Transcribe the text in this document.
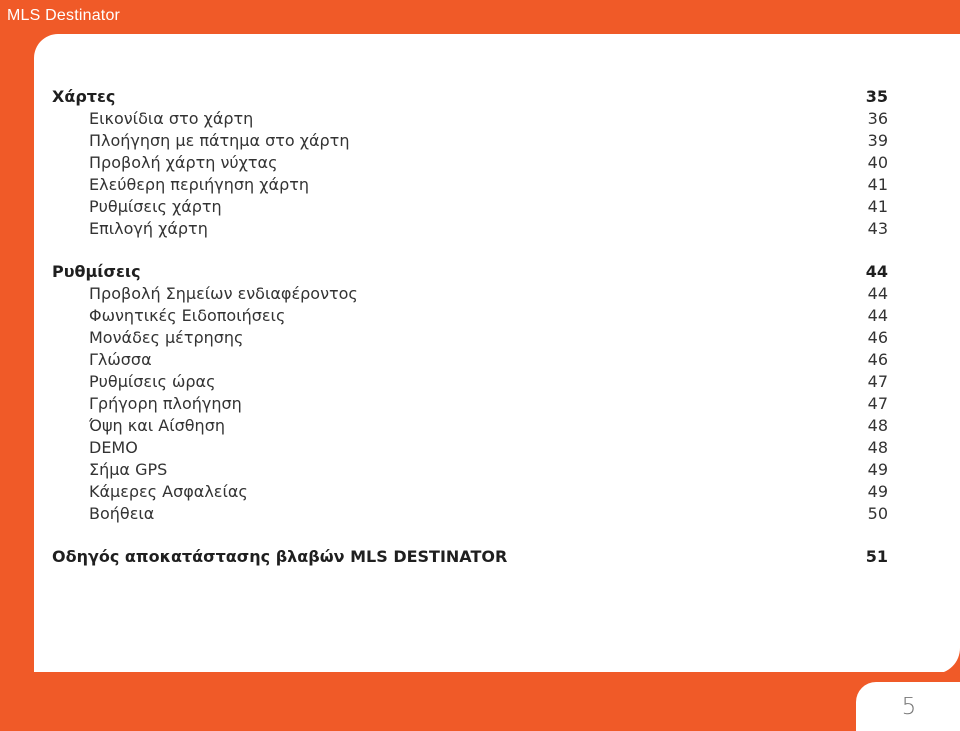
MLS Destinator
5
Χάρτες	35
Εικονίδια στο χάρτη	36
Πλοήγηση με πάτημα στο χάρτη	39
Προβολή χάρτη νύχτας	40
Ελεύθερη περιήγηση χάρτη	41
Ρυθμίσεις χάρτη	41
Επιλογή χάρτη	43
Ρυθμίσεις	44
Προβολή Σημείων ενδιαφέροντος	44
Φωνητικές Ειδοποιήσεις	44
Μονάδες μέτρησης	46
Γλώσσα	46
Ρυθμίσεις ώρας	47
Γρήγορη πλοήγηση	47
Όψη και Αίσθηση	48
DEMO	48
Σήμα GPS	49
Κάμερες Ασφαλείας	49
Βοήθεια	50
Οδηγός αποκατάστασης βλαβών MLS DESTINATOR	51
